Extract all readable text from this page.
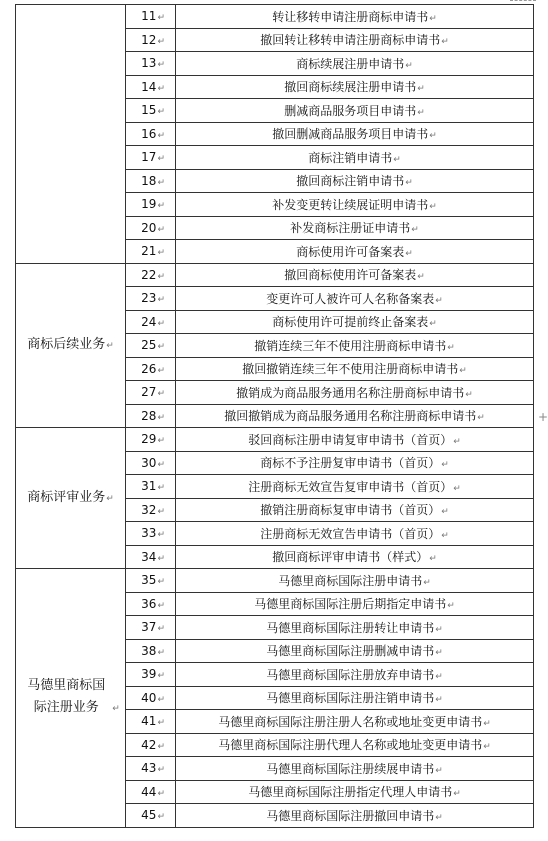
+
	11↵	转让移转申请注册商标申请书↵
	12↵	撤回转让移转申请注册商标申请书↵
	13↵	商标续展注册申请书↵
	14↵	撤回商标续展注册申请书↵
	15↵	删减商品服务项目申请书↵
	16↵	撤回删减商品服务项目申请书↵
	17↵	商标注销申请书↵
	18↵	撤回商标注销申请书↵
	19↵	补发变更转让续展证明申请书↵
	20↵	补发商标注册证申请书↵
	21↵	商标使用许可备案表↵
商标后续业务↵	22↵	撤回商标使用许可备案表↵
	23↵	变更许可人被许可人名称备案表↵
	24↵	商标使用许可提前终止备案表↵
	25↵	撤销连续三年不使用注册商标申请书↵
	26↵	撤回撤销连续三年不使用注册商标申请书↵
	27↵	撤销成为商品服务通用名称注册商标申请书↵
	28↵	撤回撤销成为商品服务通用名称注册商标申请书↵
商标评审业务↵	29↵	驳回商标注册申请复审申请书（首页）↵
	30↵	商标不予注册复审申请书（首页）↵
	31↵	注册商标无效宣告复审申请书（首页）↵
	32↵	撤销注册商标复审申请书（首页）↵
	33↵	注册商标无效宣告申请书（首页）↵
	34↵	撤回商标评审申请书（样式）↵
马德里商标国际注册业务 ↵	35↵	马德里商标国际注册申请书↵
	36↵	马德里商标国际注册后期指定申请书↵
	37↵	马德里商标国际注册转让申请书↵
	38↵	马德里商标国际注册删减申请书↵
	39↵	马德里商标国际注册放弃申请书↵
	40↵	马德里商标国际注册注销申请书↵
	41↵	马德里商标国际注册注册人名称或地址变更申请书↵
	42↵	马德里商标国际注册代理人名称或地址变更申请书↵
	43↵	马德里商标国际注册续展申请书↵
	44↵	马德里商标国际注册指定代理人申请书↵
	45↵	马德里商标国际注册撤回申请书↵
